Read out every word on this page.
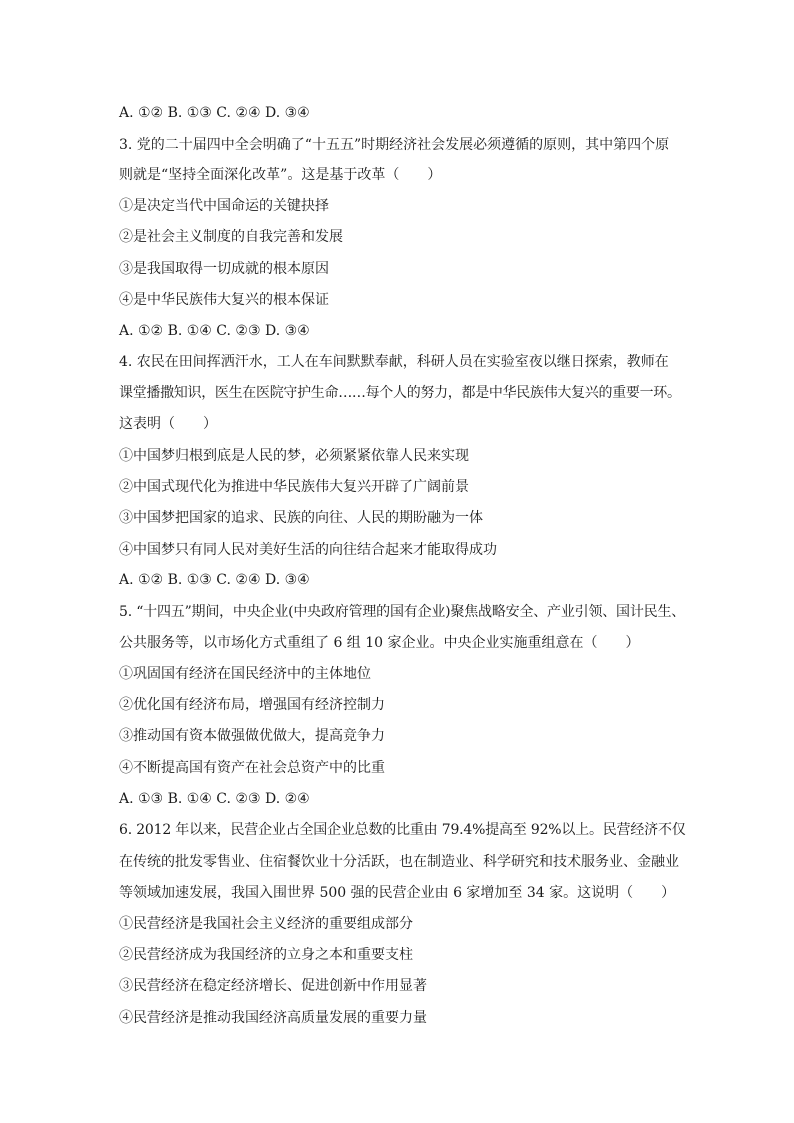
A. ①② B. ①③ C. ②④ D. ③④
3. 党的二十届四中全会明确了“十五五”时期经济社会发展必须遵循的原则，其中第四个原
则就是“坚持全面深化改革”。这是基于改革（　　）
①是决定当代中国命运的关键抉择
②是社会主义制度的自我完善和发展
③是我国取得一切成就的根本原因
④是中华民族伟大复兴的根本保证
A. ①② B. ①④ C. ②③ D. ③④
4. 农民在田间挥洒汗水，工人在车间默默奉献，科研人员在实验室夜以继日探索，教师在
课堂播撒知识，医生在医院守护生命……每个人的努力，都是中华民族伟大复兴的重要一环。
这表明（　　）
①中国梦归根到底是人民的梦，必须紧紧依靠人民来实现
②中国式现代化为推进中华民族伟大复兴开辟了广阔前景
③中国梦把国家的追求、民族的向往、人民的期盼融为一体
④中国梦只有同人民对美好生活的向往结合起来才能取得成功
A. ①② B. ①③ C. ②④ D. ③④
5. “十四五”期间，中央企业(中央政府管理的国有企业)聚焦战略安全、产业引领、国计民生、
公共服务等，以市场化方式重组了 6 组 10 家企业。中央企业实施重组意在（　　）
①巩固国有经济在国民经济中的主体地位
②优化国有经济布局，增强国有经济控制力
③推动国有资本做强做优做大，提高竞争力
④不断提高国有资产在社会总资产中的比重
A. ①③ B. ①④ C. ②③ D. ②④
6. 2012 年以来，民营企业占全国企业总数的比重由 79.4%提高至 92%以上。民营经济不仅
在传统的批发零售业、住宿餐饮业十分活跃，也在制造业、科学研究和技术服务业、金融业
等领域加速发展，我国入围世界 500 强的民营企业由 6 家增加至 34 家。这说明（　　）
①民营经济是我国社会主义经济的重要组成部分
②民营经济成为我国经济的立身之本和重要支柱
③民营经济在稳定经济增长、促进创新中作用显著
④民营经济是推动我国经济高质量发展的重要力量
